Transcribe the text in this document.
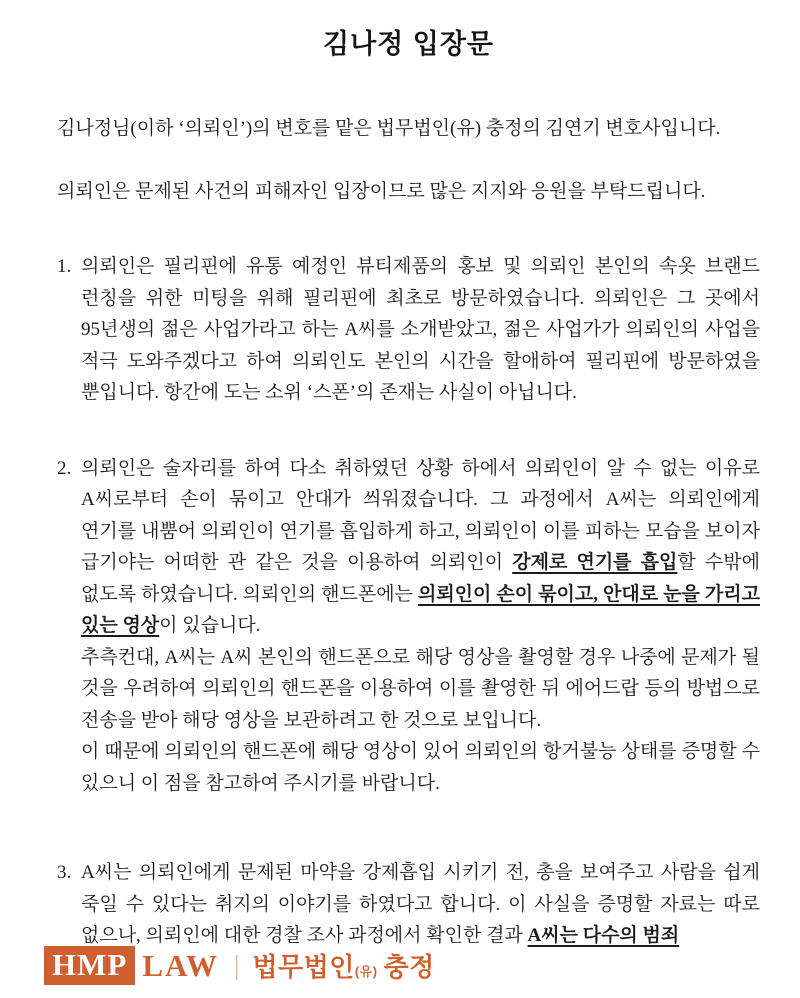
김나정 입장문

김나정님(이하 ‘의뢰인’)의 변호를 맡은 법무법인(유) 충정의 김연기 변호사입니다.

의뢰인은 문제된 사건의 피해자인 입장이므로 많은 지지와 응원을 부탁드립니다.

1. 의뢰인은 필리핀에 유통 예정인 뷰티제품의 홍보 및 의뢰인 본인의 속옷 브랜드 런칭을 위한 미팅을 위해 필리핀에 최초로 방문하였습니다. 의뢰인은 그 곳에서 95년생의 젊은 사업가라고 하는 A씨를 소개받았고, 젊은 사업가가 의뢰인의 사업을 적극 도와주겠다고 하여 의뢰인도 본인의 시간을 할애하여 필리핀에 방문하였을 뿐입니다. 항간에 도는 소위 ‘스폰’의 존재는 사실이 아닙니다.

2. 의뢰인은 술자리를 하여 다소 취하였던 상황 하에서 의뢰인이 알 수 없는 이유로 A씨로부터 손이 묶이고 안대가 씌워졌습니다. 그 과정에서 A씨는 의뢰인에게 연기를 내뿜어 의뢰인이 연기를 흡입하게 하고, 의뢰인이 이를 피하는 모습을 보이자 급기야는 어떠한 관 같은 것을 이용하여 의뢰인이 강제로 연기를 흡입할 수밖에 없도록 하였습니다. 의뢰인의 핸드폰에는 의뢰인이 손이 묶이고, 안대로 눈을 가리고 있는 영상이 있습니다.

추측컨대, A씨는 A씨 본인의 핸드폰으로 해당 영상을 촬영할 경우 나중에 문제가 될 것을 우려하여 의뢰인의 핸드폰을 이용하여 이를 촬영한 뒤 에어드랍 등의 방법으로 전송을 받아 해당 영상을 보관하려고 한 것으로 보입니다.

이 때문에 의뢰인의 핸드폰에 해당 영상이 있어 의뢰인의 항거불능 상태를 증명할 수 있으니 이 점을 참고하여 주시기를 바랍니다.

3. A씨는 의뢰인에게 문제된 마약을 강제흡입 시키기 전, 총을 보여주고 사람을 쉽게 죽일 수 있다는 취지의 이야기를 하였다고 합니다. 이 사실을 증명할 자료는 따로 없으나, 의뢰인에 대한 경찰 조사 과정에서 확인한 결과 A씨는 다수의 범죄

HMP LAW | 법무법인(유) 충정
